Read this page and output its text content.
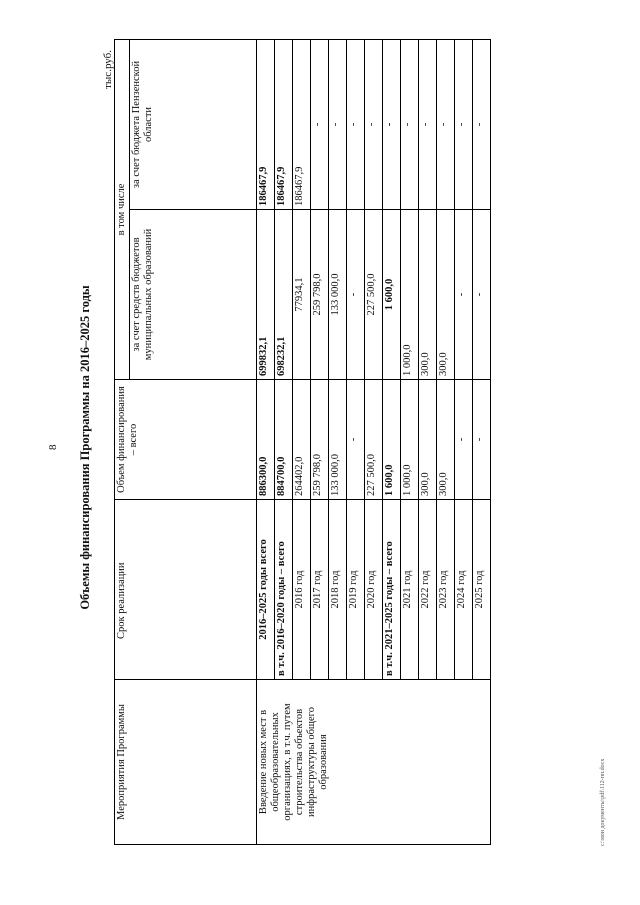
8
c:\мои документы\pdf\112-пп.docx
Объемы финансирования Программы на 2016–2025 годы
тыс.руб.
Мероприятия Программы	Срок реализации	Объем финансирования – всего	в том числе	
			за счет средств бюджетов муниципальных образований	за счет бюджета Пензенской области
Введение новых мест в общеобразовательных организациях, в т.ч. путем строительства объектов инфраструктуры общего образования	2016–2025 годы всего	886300,0	699832,1	186467,9
	в т.ч. 2016–2020 годы – всего	884700,0	698232,1	186467,9
	2016 год	264402,0	77934,1	186467,9
	2017 год	259 798,0	259 798,0	-
	2018 год	133 000,0	133 000,0	-
	2019 год	-	-	-
	2020 год	227 500,0	227 500,0	-
	в т.ч. 2021–2025 годы – всего	1 600,0	1 600,0	-
	2021 год	1 000,0	1 000,0	-
	2022 год	300,0	300,0	-
	2023 год	300,0	300,0	-
	2024 год	-	-	-
	2025 год	-	-	-
